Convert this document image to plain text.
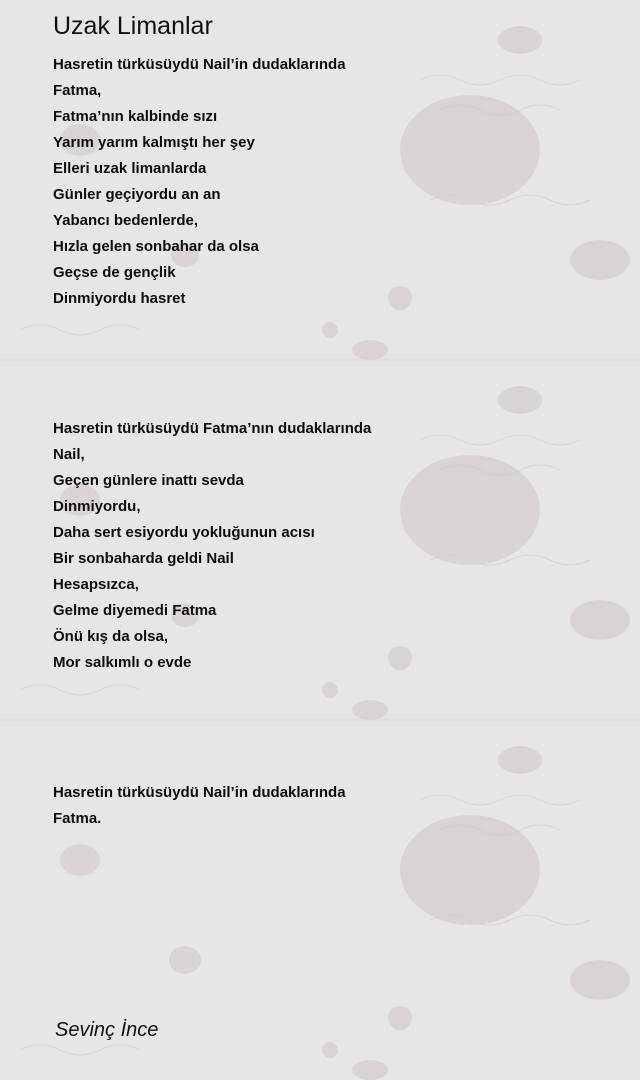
Uzak Limanlar
Hasretin türküsüydü Nail’in dudaklarında
Fatma,
Fatma’nın kalbinde sızı
Yarım yarım kalmıştı her şey
Elleri uzak limanlarda
Günler geçiyordu an an
Yabancı bedenlerde,
Hızla gelen sonbahar da olsa
Geçse de gençlik
Dinmiyordu hasret
Hasretin türküsüydü Fatma’nın dudaklarında
Nail,
Geçen günlere inattı sevda
Dinmiyordu,
Daha sert esiyordu yokluğunun acısı
Bir sonbaharda geldi Nail
Hesapsızca,
Gelme diyemedi Fatma
Önü kış da olsa,
Mor salkımlı o evde
Hasretin türküsüydü Nail’in dudaklarında
Fatma.
Sevinç İnce
